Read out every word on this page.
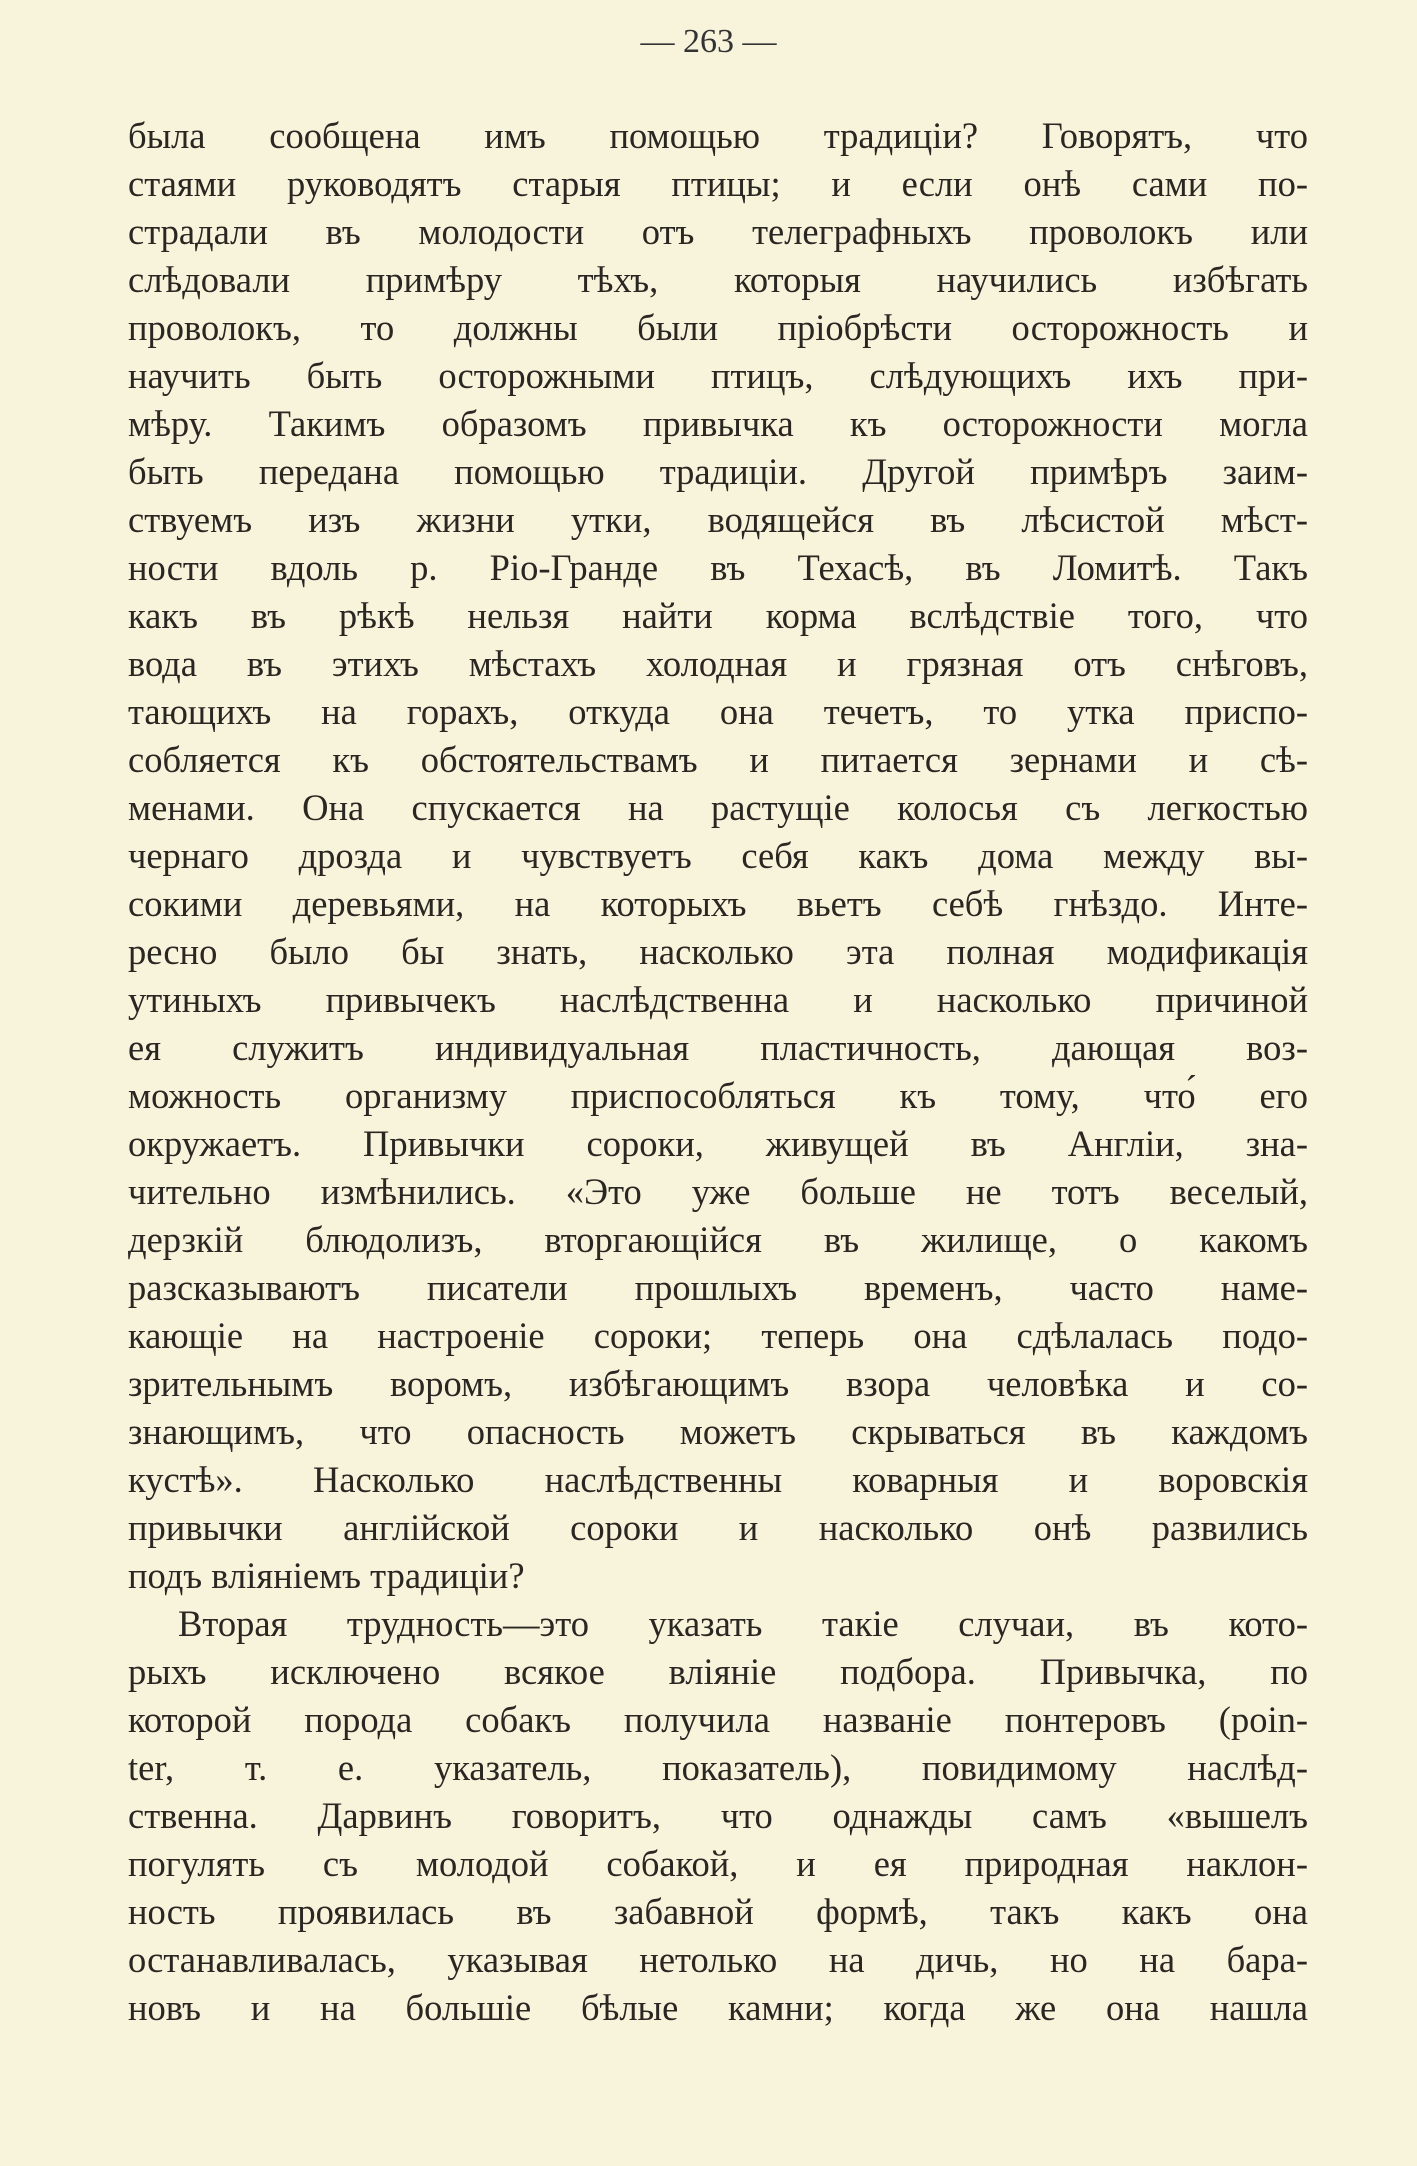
— 263 —
была сообщена имъ помощью традиціи? Говорятъ, что
стаями руководятъ старыя птицы; и если онѣ сами по-
страдали въ молодости отъ телеграфныхъ проволокъ или
слѣдовали примѣру тѣхъ, которыя научились избѣгать
проволокъ, то должны были пріобрѣсти осторожность и
научить быть осторожными птицъ, слѣдующихъ ихъ при-
мѣру. Такимъ образомъ привычка къ осторожности могла
быть передана помощью традиціи. Другой примѣръ заим-
ствуемъ изъ жизни утки, водящейся въ лѣсистой мѣст-
ности вдоль р. Ріо-Гранде въ Техасѣ, въ Ломитѣ. Такъ
какъ въ рѣкѣ нельзя найти корма вслѣдствіе того, что
вода въ этихъ мѣстахъ холодная и грязная отъ снѣговъ,
тающихъ на горахъ, откуда она течетъ, то утка приспо-
собляется къ обстоятельствамъ и питается зернами и сѣ-
менами. Она спускается на растущіе колосья съ легкостью
чернаго дрозда и чувствуетъ себя какъ дома между вы-
сокими деревьями, на которыхъ вьетъ себѣ гнѣздо. Инте-
ресно было бы знать, насколько эта полная модификація
утиныхъ привычекъ наслѣдственна и насколько причиной
ея служитъ индивидуальная пластичность, дающая воз-
можность организму приспособляться къ тому, что́ его
окружаетъ. Привычки сороки, живущей въ Англіи, зна-
чительно измѣнились. «Это уже больше не тотъ веселый,
дерзкій блюдолизъ, вторгающійся въ жилище, о какомъ
разсказываютъ писатели прошлыхъ временъ, часто наме-
кающіе на настроеніе сороки; теперь она сдѣлалась подо-
зрительнымъ воромъ, избѣгающимъ взора человѣка и со-
знающимъ, что опасность можетъ скрываться въ каждомъ
кустѣ». Насколько наслѣдственны коварныя и воровскія
привычки англійской сороки и насколько онѣ развились
подъ вліяніемъ традиціи?
Вторая трудность—это указать такіе случаи, въ кото-
рыхъ исключено всякое вліяніе подбора. Привычка, по
которой порода собакъ получила названіе понтеровъ (poin-
ter, т. е. указатель, показатель), повидимому наслѣд-
ственна. Дарвинъ говоритъ, что однажды самъ «вышелъ
погулять съ молодой собакой, и ея природная наклон-
ность проявилась въ забавной формѣ, такъ какъ она
останавливалась, указывая нетолько на дичь, но на бара-
новъ и на большіе бѣлые камни; когда же она нашла
